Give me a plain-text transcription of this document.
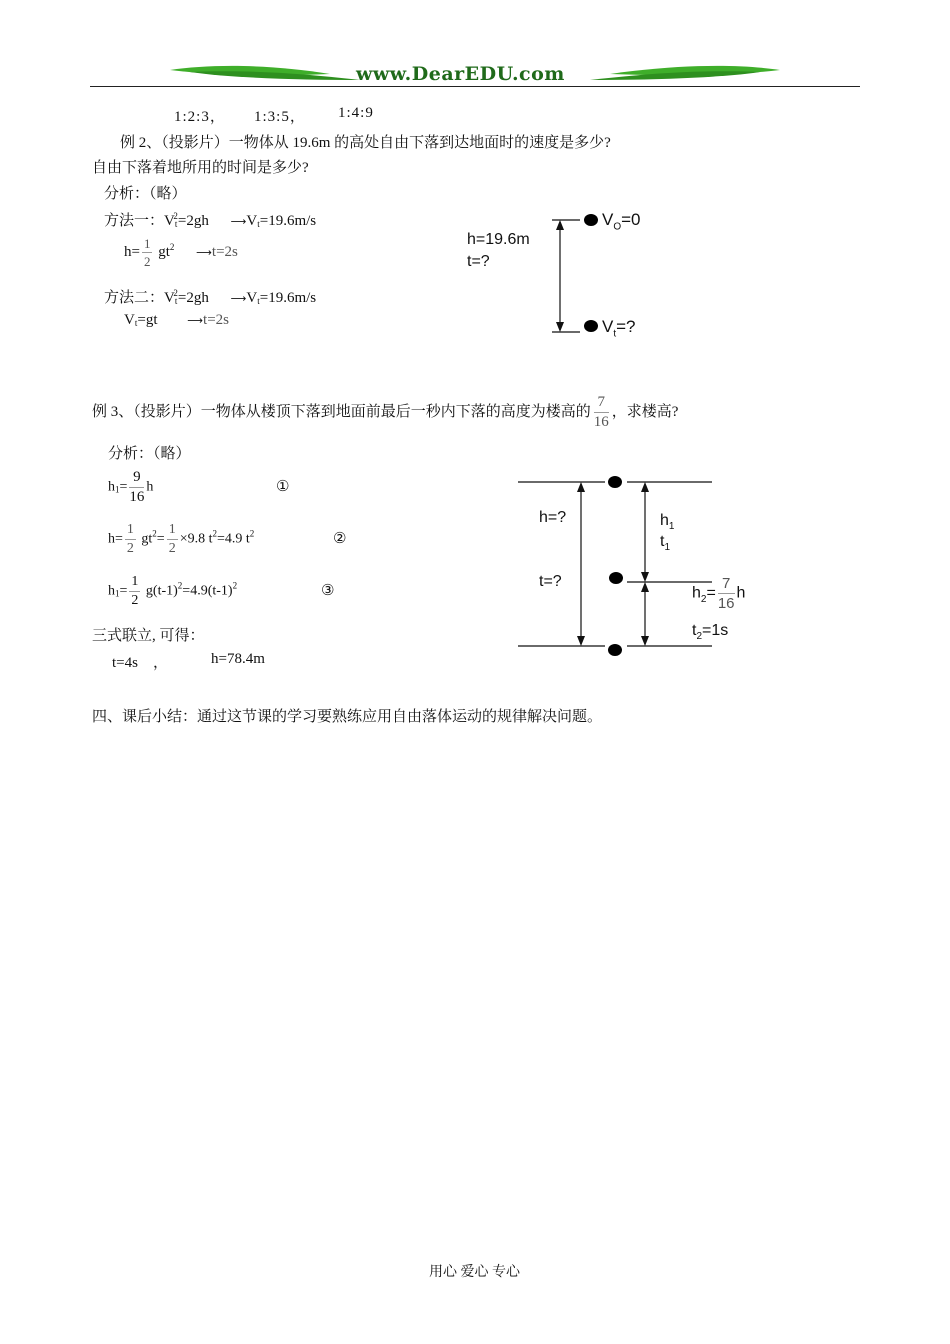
www.DearEDU.com
1:2:3， 1:3:5， 1:4:9
例 2、（投影片）一物体从 19.6m 的高处自由下落到达地面时的速度是多少?
自由下落着地所用的时间是多少?
分析：（略）
方法一：$V_t^2=2gh$ $⟶V_t=19.6m/s$
$h= \frac{1}{2} gt^2$ ⟶t=2s
方法二：$V_t^2=2gh$ $⟶V_t=19.6m/s$
$V_t=gt$	⟶t=2s
h=19.6m
t=?
$V_O=0$
$V_t=$?
例 3、（投影片）一物体从楼顶下落到地面前最后一秒内下落的高度为楼高的 $\frac{7}{16}$ ，求楼高?
分析：（略）
$h_1= \frac{9}{16}$ h	①
$h= \frac{1}{2} gt^2= \frac{1}{2} \times 9.8$ $t^2=4.9$ $t^2$	②
$h_1= \frac{1}{2} g(t-1)^2=4.9(t-1)^2$	③
三式联立, 可得：
t=4s　，	h=78.4m
h=?
t=?
$h_1$
$t_1$
$h_2= \frac{7}{16}$ h
$t_2=1s$
四、课后小结：通过这节课的学习要熟练应用自由落体运动的规律解决问题。
用心 爱心 专心
